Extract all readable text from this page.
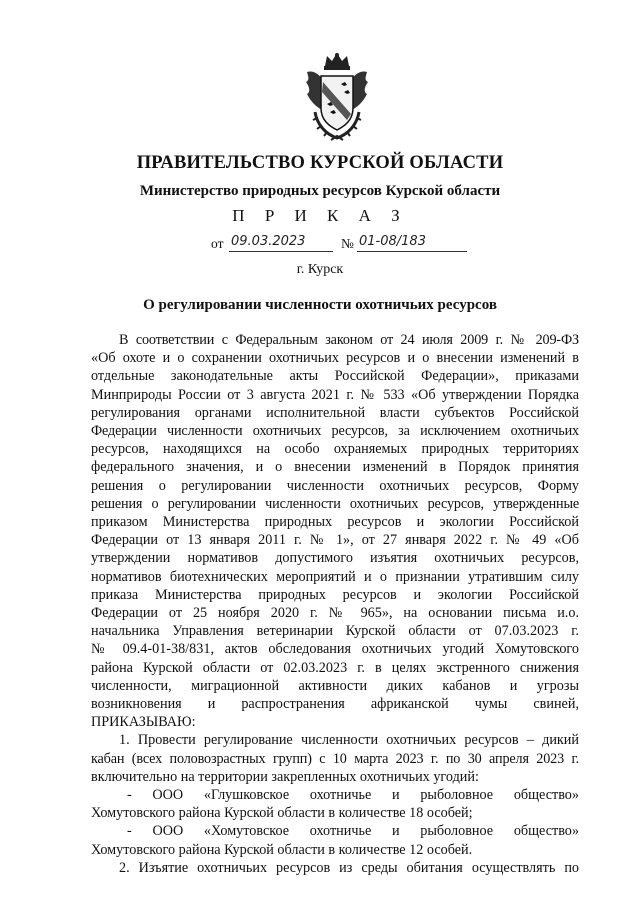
ПРАВИТЕЛЬСТВО КУРСКОЙ ОБЛАСТИ
Министерство природных ресурсов Курской области
П Р И К А З
от 09.03.2023	№ 01-08/183
г. Курск
О регулировании численности охотничьих ресурсов

В соответствии с Федеральным законом от 24 июля 2009 г. № 209-ФЗ

«Об охоте и о сохранении охотничьих ресурсов и о внесении изменений в

отдельные законодательные акты Российской Федерации», приказами

Минприроды России от 3 августа 2021 г. № 533 «Об утверждении Порядка

регулирования органами исполнительной власти субъектов Российской

Федерации численности охотничьих ресурсов, за исключением охотничьих

ресурсов, находящихся на особо охраняемых природных территориях

федерального значения, и о внесении изменений в Порядок принятия

решения о регулировании численности охотничьих ресурсов, Форму

решения о регулировании численности охотничьих ресурсов, утвержденные

приказом Министерства природных ресурсов и экологии Российской

Федерации от 13 января 2011 г. № 1», от 27 января 2022 г. № 49 «Об

утверждении нормативов допустимого изъятия охотничьих ресурсов,

нормативов биотехнических мероприятий и о признании утратившим силу

приказа Министерства природных ресурсов и экологии Российской

Федерации от 25 ноября 2020 г. № 965», на основании письма и.о.

начальника Управления ветеринарии Курской области от 07.03.2023 г.

№ 09.4-01-38/831, актов обследования охотничьих угодий Хомутовского

района Курской области от 02.03.2023 г. в целях экстренного снижения

численности, миграционной активности диких кабанов и угрозы

возникновения и распространения африканской чумы свиней,

ПРИКАЗЫВАЮ:

1. Провести регулирование численности охотничьих ресурсов – дикий

кабан (всех половозрастных групп) с 10 марта 2023 г. по 30 апреля 2023 г.

включительно на территории закрепленных охотничьих угодий:

- ООО «Глушковское охотничье и рыболовное общество»

Хомутовского района Курской области в количестве 18 особей;

- ООО «Хомутовское охотничье и рыболовное общество»

Хомутовского района Курской области в количестве 12 особей.

2. Изъятие охотничьих ресурсов из среды обитания осуществлять по
